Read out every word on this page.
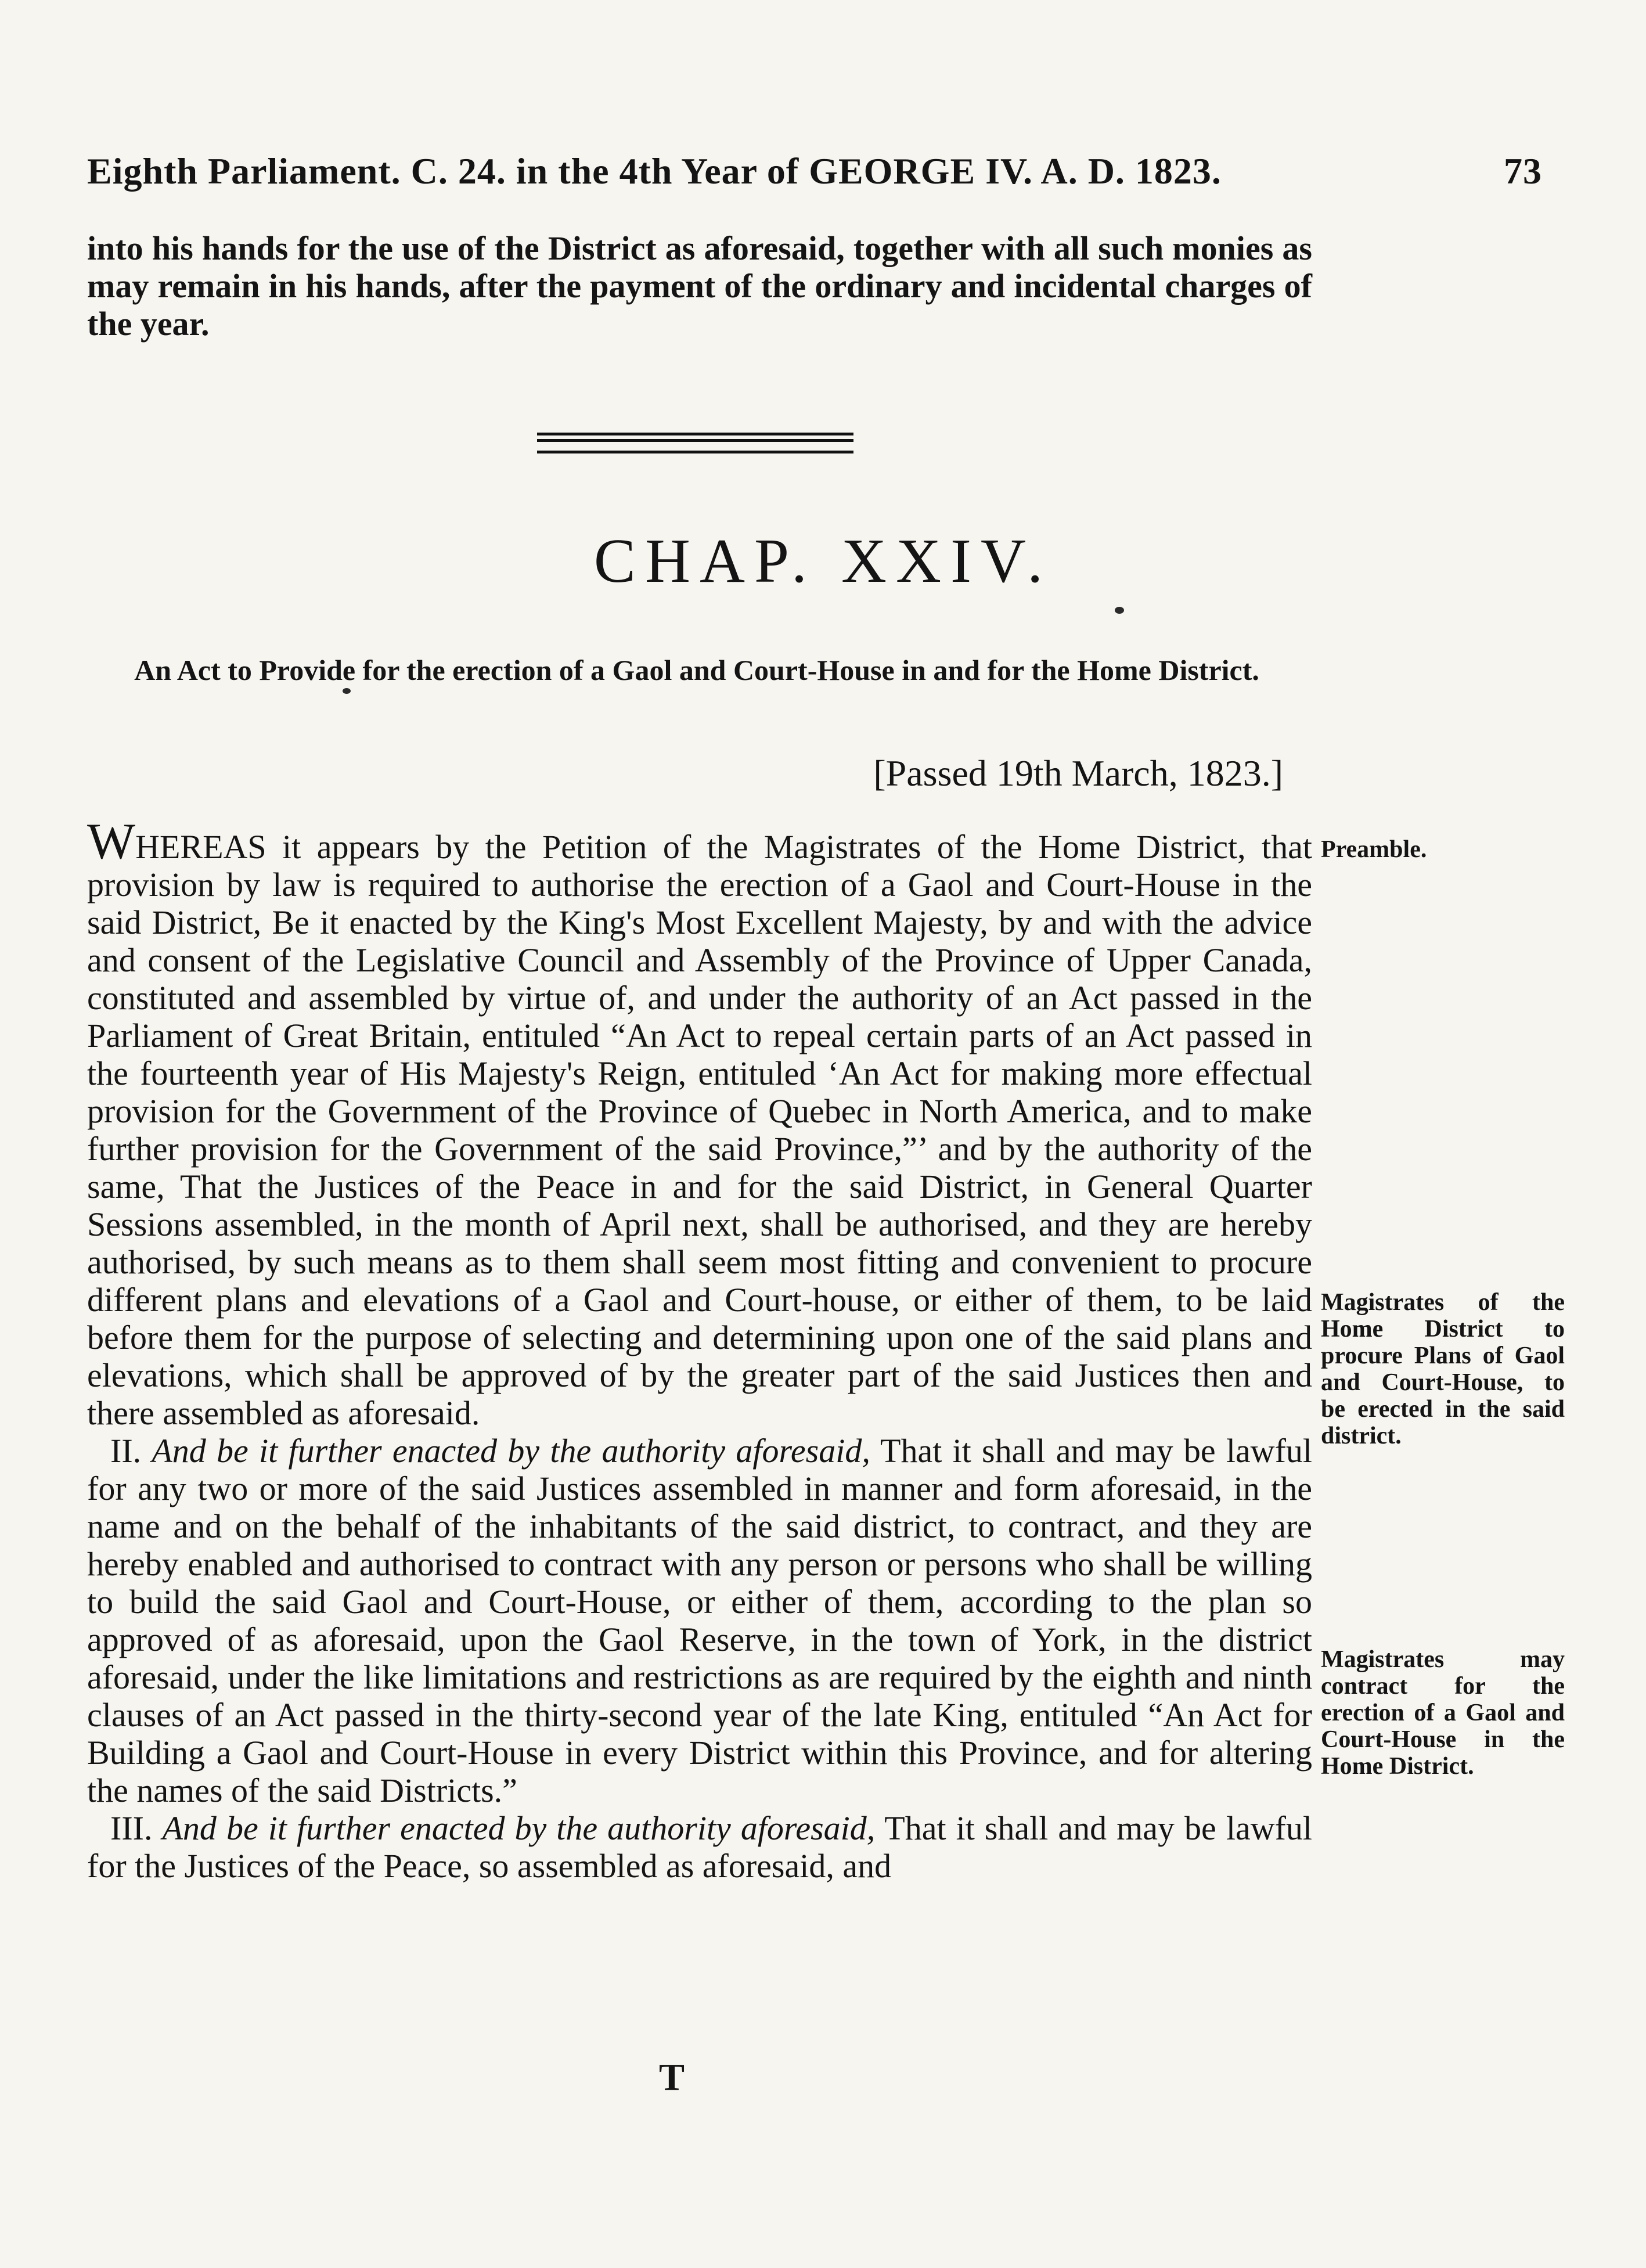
Eighth Parliament. C. 24. in the 4th Year of GEORGE IV. A. D. 1823.	73
into his hands for the use of the District as aforesaid, together with all such monies as may remain in his hands, after the payment of the ordinary and incidental charges of the year.
CHAP. XXIV.
An Act to Provide for the erection of a Gaol and Court-House in and for the Home District.
[Passed 19th March, 1823.]

WHEREAS it appears by the Petition of the Magistrates of the Home District, that provision by law is required to authorise the erection of a Gaol and Court-House in the said District, Be it enacted by the King's Most Excellent Majesty, by and with the advice and consent of the Legislative Council and Assembly of the Province of Upper Canada, constituted and assembled by virtue of, and under the authority of an Act passed in the Parliament of Great Britain, entituled “An Act to repeal certain parts of an Act passed in the fourteenth year of His Majesty's Reign, entituled ‘An Act for making more effectual provision for the Government of the Province of Quebec in North America, and to make further provision for the Government of the said Province,”’ and by the authority of the same, That the Justices of the Peace in and for the said District, in General Quarter Sessions assembled, in the month of April next, shall be authorised, and they are hereby authorised, by such means as to them shall seem most fitting and convenient to procure different plans and elevations of a Gaol and Court-house, or either of them, to be laid before them for the purpose of selecting and determining upon one of the said plans and elevations, which shall be approved of by the greater part of the said Justices then and there assembled as aforesaid.

II. And be it further enacted by the authority aforesaid, That it shall and may be lawful for any two or more of the said Justices assembled in manner and form aforesaid, in the name and on the behalf of the inhabitants of the said district, to contract, and they are hereby enabled and authorised to contract with any person or persons who shall be willing to build the said Gaol and Court-House, or either of them, according to the plan so approved of as aforesaid, upon the Gaol Reserve, in the town of York, in the district aforesaid, under the like limitations and restrictions as are required by the eighth and ninth clauses of an Act passed in the thirty-second year of the late King, entituled “An Act for Building a Gaol and Court-House in every District within this Province, and for altering the names of the said Districts.”

III. And be it further enacted by the authority aforesaid, That it shall and may be lawful for the Justices of the Peace, so assembled as aforesaid, and

Preamble.
Magistrates of the Home District to procure Plans of Gaol and Court-House, to be erected in the said district.
Magistrates may contract for the erection of a Gaol and Court-House in the Home District.
T
